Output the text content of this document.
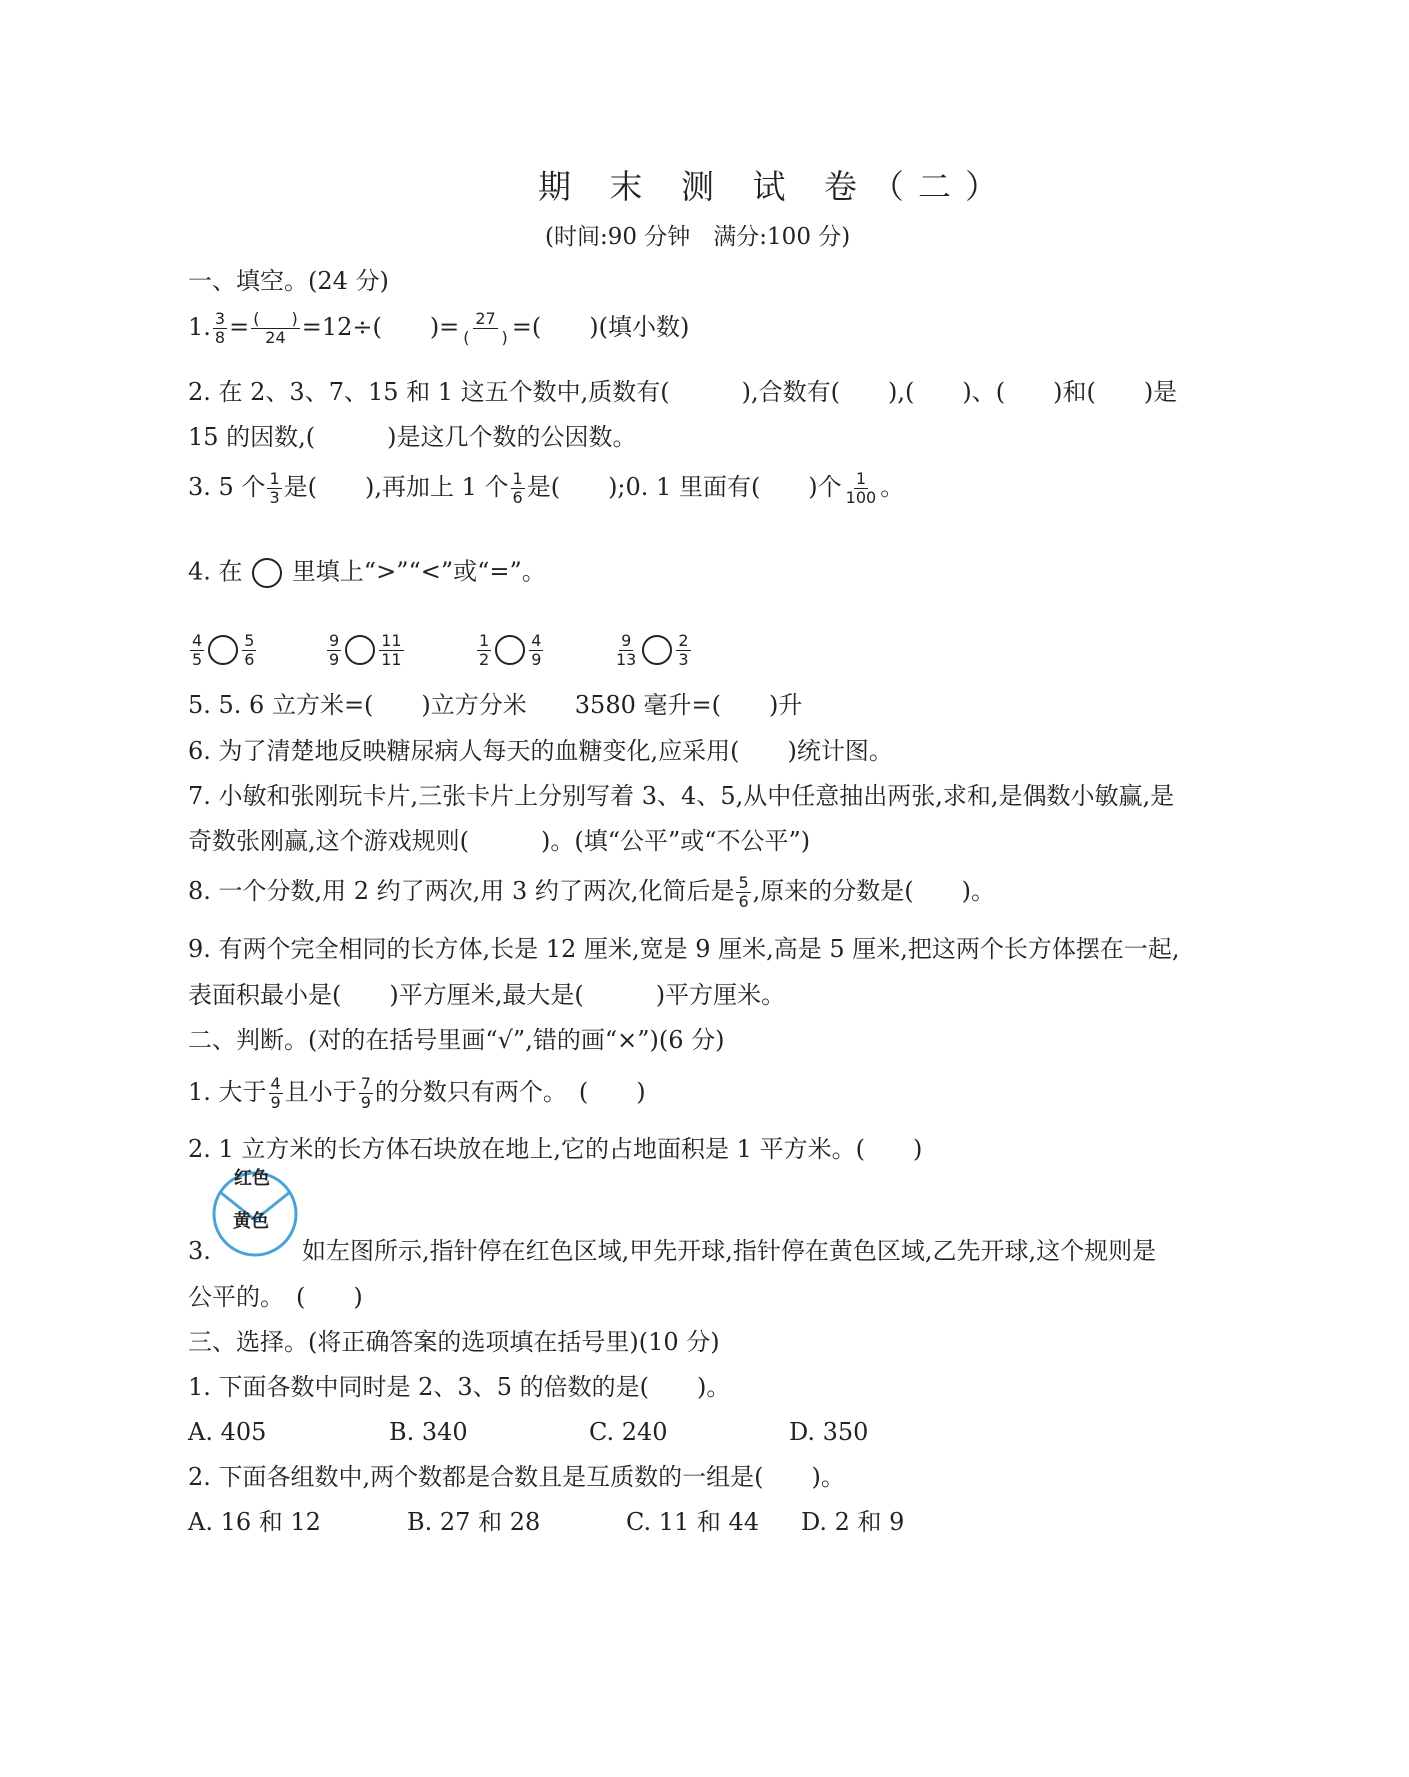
期 末 测 试 卷（二）
(时间:90 分钟　满分:100 分)
一、填空。(24 分)
1. $\frac{3}{8} = \frac{( )}{24} =12\div$(　　)= $\frac{27}{( )}$ =(　　)(填小数)
2. 在 2、3、7、15 和 1 这五个数中,质数有(　　　),合数有(　　),(　　)、(　　)和(　　)是
15 的因数,(　　　)是这几个数的公因数。
3. 5 个 $\frac{1}{3}$ 是(　　),再加上 1 个 $\frac{1}{6}$ 是(　　);0. 1 里面有(　　)个 $\frac{1}{100}$ 。
4. 在 里填上“>”“<”或“=”。
$\frac{4}{5} \frac{5}{6}$	$\frac{9}{9} \frac{11}{11}$	$\frac{1}{2} \frac{4}{9}$	$\frac{9}{13} \frac{2}{3}$
5. 5. 6 立方米=(　　)立方分米　　3580 毫升=(　　)升
6. 为了清楚地反映糖尿病人每天的血糖变化,应采用(　　)统计图。
7. 小敏和张刚玩卡片,三张卡片上分别写着 3、4、5,从中任意抽出两张,求和,是偶数小敏赢,是
奇数张刚赢,这个游戏规则(　　　)。(填“公平”或“不公平”)
8. 一个分数,用 2 约了两次,用 3 约了两次,化简后是 $\frac{5}{6}$ ,原来的分数是(　　)。
9. 有两个完全相同的长方体,长是 12 厘米,宽是 9 厘米,高是 5 厘米,把这两个长方体摆在一起,
表面积最小是(　　)平方厘米,最大是(　　　)平方厘米。
二、判断。(对的在括号里画“√”,错的画“×”)(6 分)
1. 大于 $\frac{4}{9}$ 且小于 $\frac{7}{9}$ 的分数只有两个。　(　　)
2. 1 立方米的长方体石块放在地上,它的占地面积是 1 平方米。(　　)
3.
红色
黄色
如左图所示,指针停在红色区域,甲先开球,指针停在黄色区域,乙先开球,这个规则是
公平的。　(　　)
三、选择。(将正确答案的选项填在括号里)(10 分)
1. 下面各数中同时是 2、3、5 的倍数的是(　　)。
A. 405	B. 340	C. 240	D. 350
2. 下面各组数中,两个数都是合数且是互质数的一组是(　　)。
A. 16 和 12	B. 27 和 28	C. 11 和 44 D. 2 和 9
